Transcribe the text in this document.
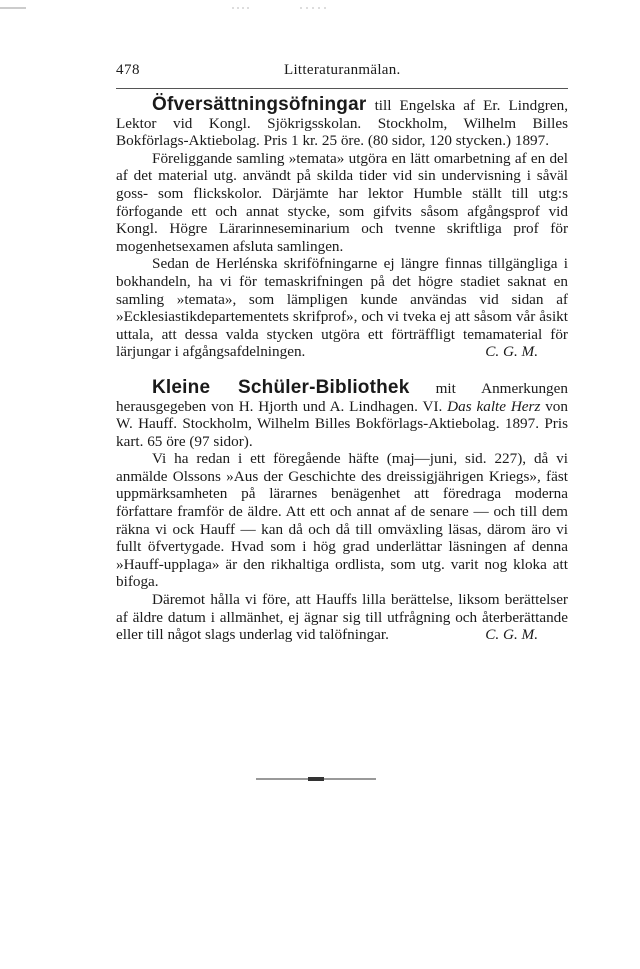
478	Litteraturanmälan.

Öfversättningsöfningar till Engelska af Er. Lindgren, Lektor vid Kongl. Sjökrigsskolan. Stockholm, Wilhelm Billes Bokförlags-Aktiebolag. Pris 1 kr. 25 öre. (80 sidor, 120 stycken.) 1897.

Föreliggande samling »temata» utgöra en lätt omarbetning af en del af det material utg. användt på skilda tider vid sin undervisning i såväl goss- som flickskolor. Därjämte har lektor Humble ställt till utg:s förfogande ett och annat stycke, som gifvits såsom afgångsprof vid Kongl. Högre Lärarinneseminarium och tvenne skriftliga prof för mogenhetsexamen afsluta samlingen.

Sedan de Herlénska skriföfningarne ej längre finnas tillgängliga i bokhandeln, ha vi för temaskrifningen på det högre stadiet saknat en samling »temata», som lämpligen kunde användas vid sidan af »Ecklesiastikdepartementets skrifprof», och vi tveka ej att såsom vår åsikt uttala, att dessa valda stycken utgöra ett förträffligt temamaterial för lärjungar i afgångsafdelningen.	C. G. M.

Kleine Schüler-Bibliothek mit Anmerkungen herausgegeben von H. Hjorth und A. Lindhagen. VI. Das kalte Herz von W. Hauff. Stockholm, Wilhelm Billes Bokförlags-Aktiebolag. 1897. Pris kart. 65 öre (97 sidor).

Vi ha redan i ett föregående häfte (maj—juni, sid. 227), då vi anmälde Olssons »Aus der Geschichte des dreissigjährigen Kriegs», fäst uppmärksamheten på lärarnes benägenhet att föredraga moderna författare framför de äldre. Att ett och annat af de senare — och till dem räkna vi ock Hauff — kan då och då till omväxling läsas, därom äro vi fullt öfvertygade. Hvad som i hög grad underlättar läsningen af denna »Hauff-upplaga» är den rikhaltiga ordlista, som utg. varit nog kloka att bifoga.

Däremot hålla vi före, att Hauffs lilla berättelse, liksom berättelser af äldre datum i allmänhet, ej ägnar sig till utfrågning och återberättande eller till något slags underlag vid talöfningar.	C. G. M.
